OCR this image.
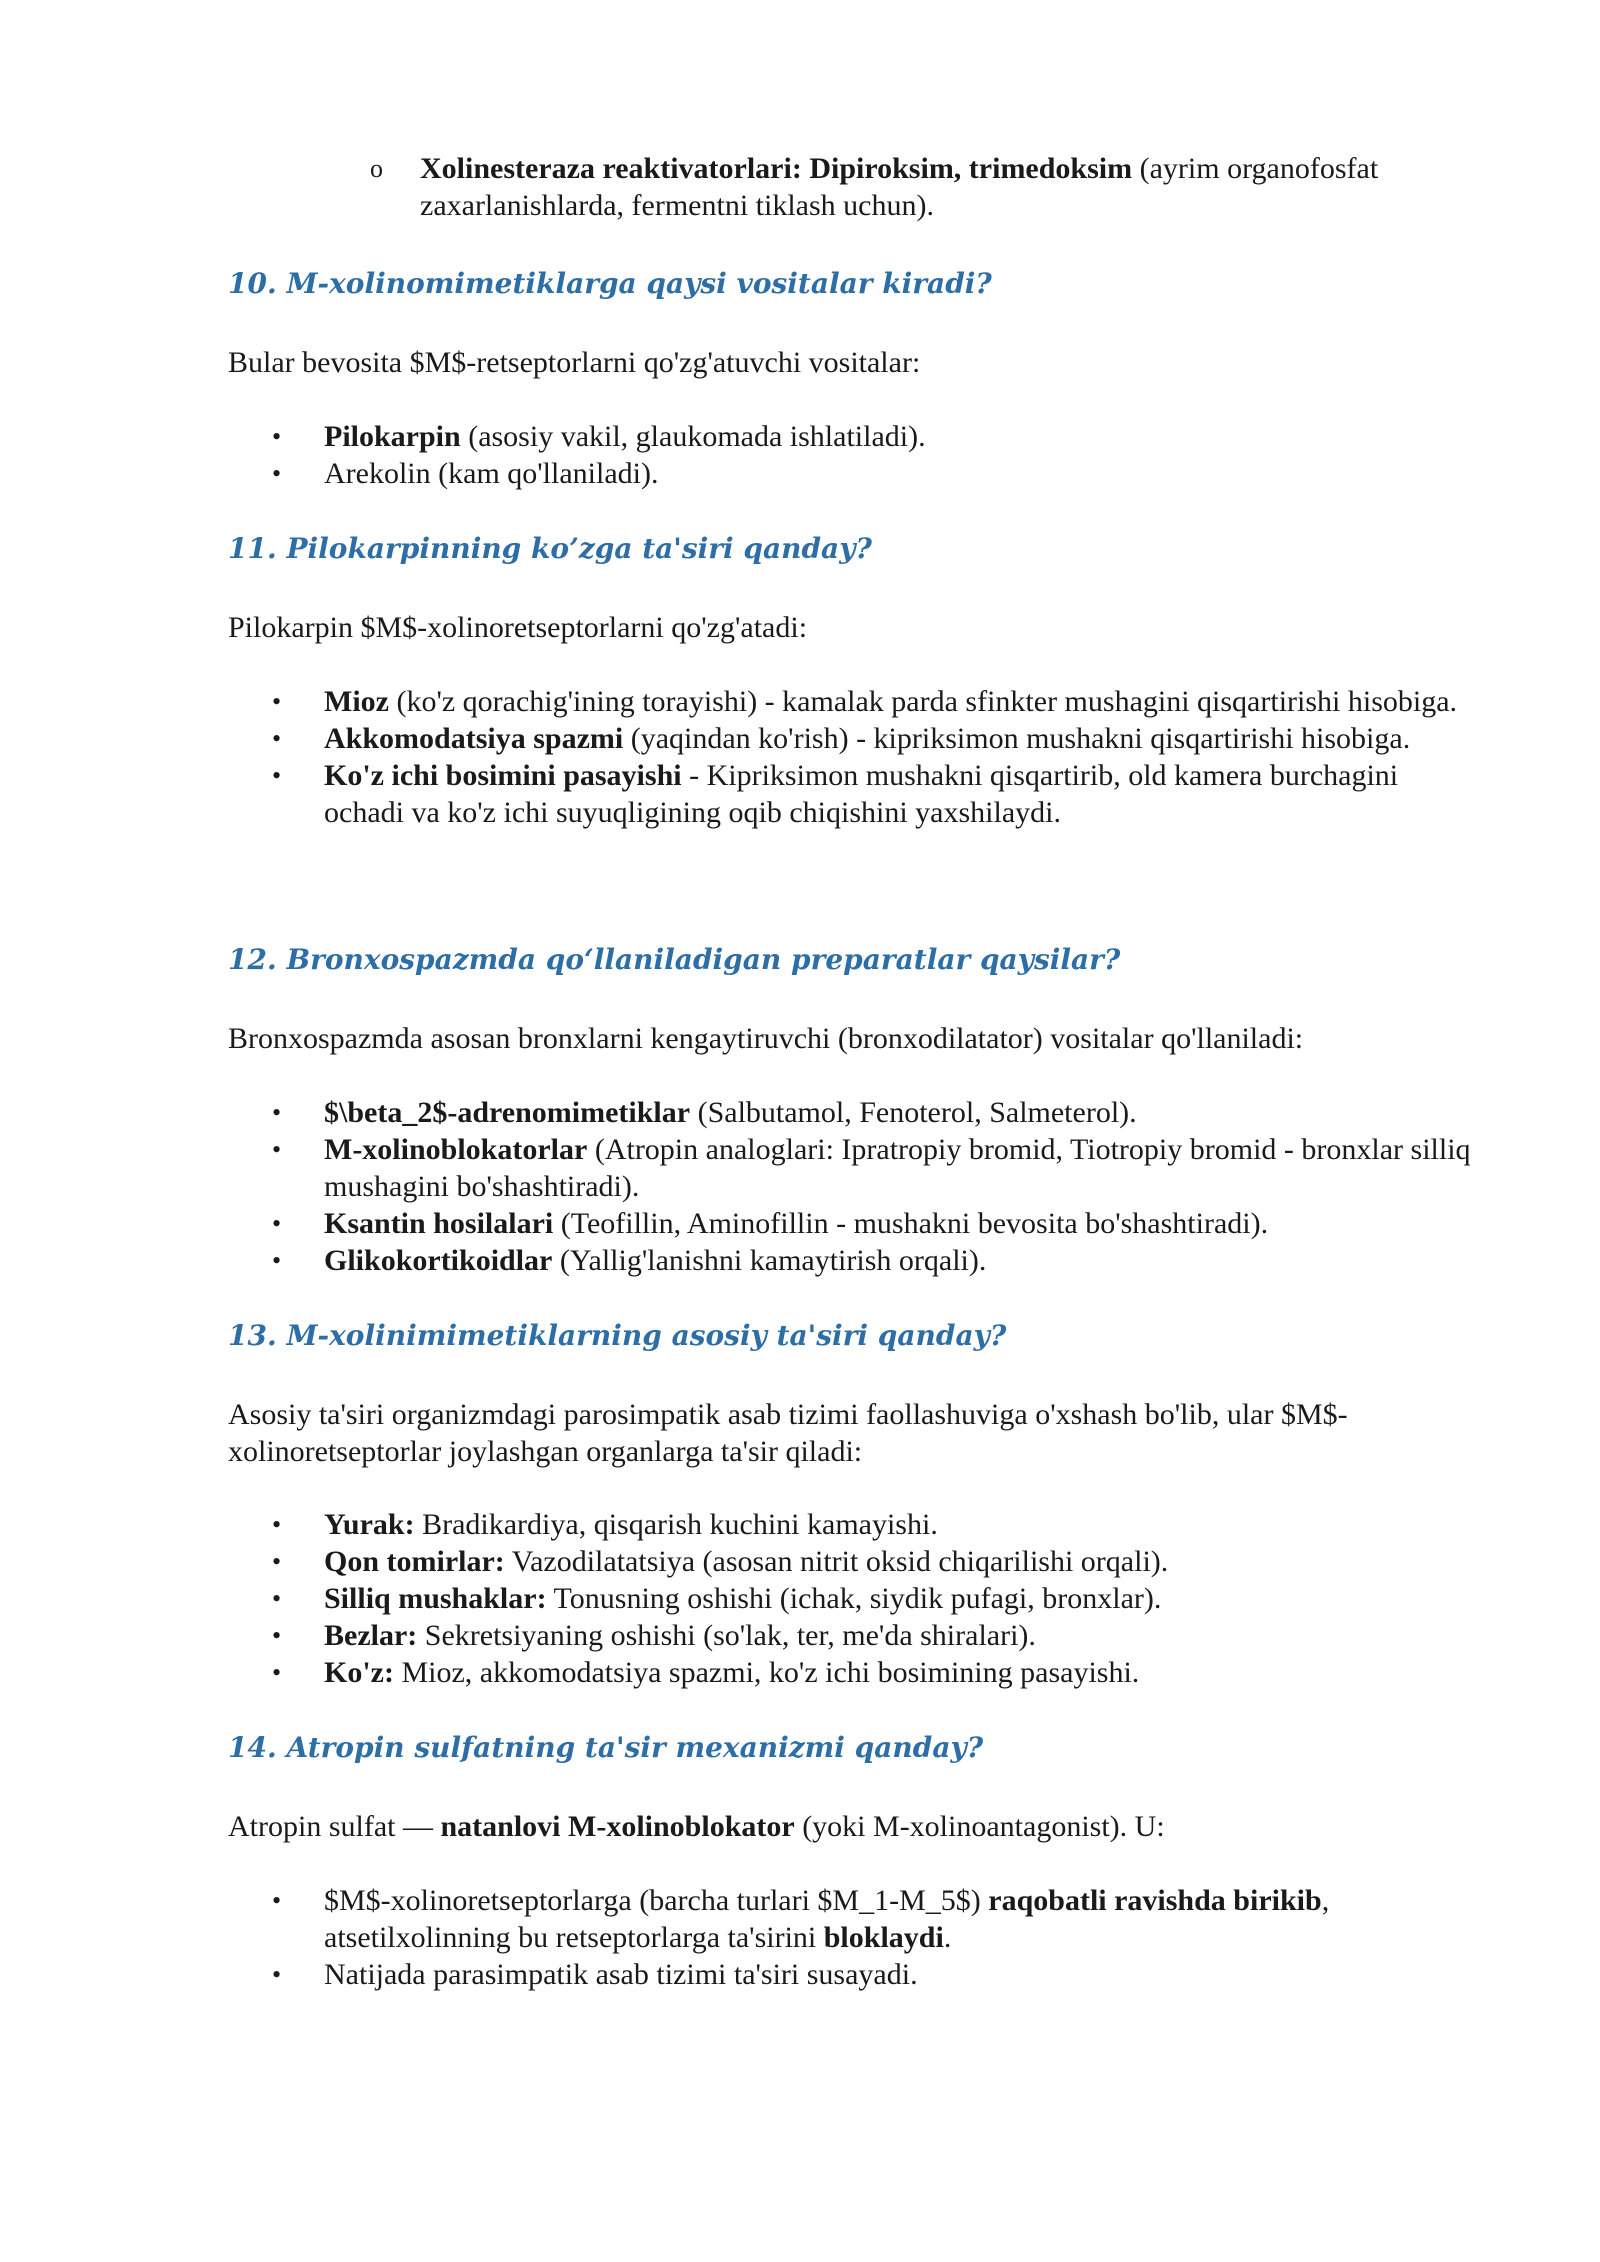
o Xolinesteraza reaktivatorlari: Dipiroksim, trimedoksim (ayrim organofosfat zaxarlanishlarda, fermentni tiklash uchun).
10. M-xolinomimetiklarga qaysi vositalar kiradi?

Bular bevosita $M$-retseptorlarni qo'zg'atuvchi vositalar:

• Pilokarpin (asosiy vakil, glaukomada ishlatiladi).
• Arekolin (kam qo'llaniladi).
11. Pilokarpinning ko’zga ta'siri qanday?

Pilokarpin $M$-xolinoretseptorlarni qo'zg'atadi:

• Mioz (ko'z qorachig'ining torayishi) - kamalak parda sfinkter mushagini qisqartirishi hisobiga.
• Akkomodatsiya spazmi (yaqindan ko'rish) - kipriksimon mushakni qisqartirishi hisobiga.
• Ko'z ichi bosimini pasayishi - Kipriksimon mushakni qisqartirib, old kamera burchagini ochadi va ko'z ichi suyuqligining oqib chiqishini yaxshilaydi.
12. Bronxospazmda qoʻllaniladigan preparatlar qaysilar?

Bronxospazmda asosan bronxlarni kengaytiruvchi (bronxodilatator) vositalar qo'llaniladi:

• $\beta_2$-adrenomimetiklar (Salbutamol, Fenoterol, Salmeterol).
• M-xolinoblokatorlar (Atropin analoglari: Ipratropiy bromid, Tiotropiy bromid - bronxlar silliq mushagini bo'shashtiradi).
• Ksantin hosilalari (Teofillin, Aminofillin - mushakni bevosita bo'shashtiradi).
• Glikokortikoidlar (Yallig'lanishni kamaytirish orqali).
13. M-xolinimimetiklarning asosiy ta'siri qanday?

Asosiy ta'siri organizmdagi parosimpatik asab tizimi faollashuviga o'xshash bo'lib, ular $M$-xolinoretseptorlar joylashgan organlarga ta'sir qiladi:

• Yurak: Bradikardiya, qisqarish kuchini kamayishi.
• Qon tomirlar: Vazodilatatsiya (asosan nitrit oksid chiqarilishi orqali).
• Silliq mushaklar: Tonusning oshishi (ichak, siydik pufagi, bronxlar).
• Bezlar: Sekretsiyaning oshishi (so'lak, ter, me'da shiralari).
• Ko'z: Mioz, akkomodatsiya spazmi, ko'z ichi bosimining pasayishi.
14. Atropin sulfatning ta'sir mexanizmi qanday?

Atropin sulfat — natanlovi M-xolinoblokator (yoki M-xolinoantagonist). U:

• $M$-xolinoretseptorlarga (barcha turlari $M_1-M_5$) raqobatli ravishda birikib, atsetilxolinning bu retseptorlarga ta'sirini bloklaydi.
• Natijada parasimpatik asab tizimi ta'siri susayadi.
